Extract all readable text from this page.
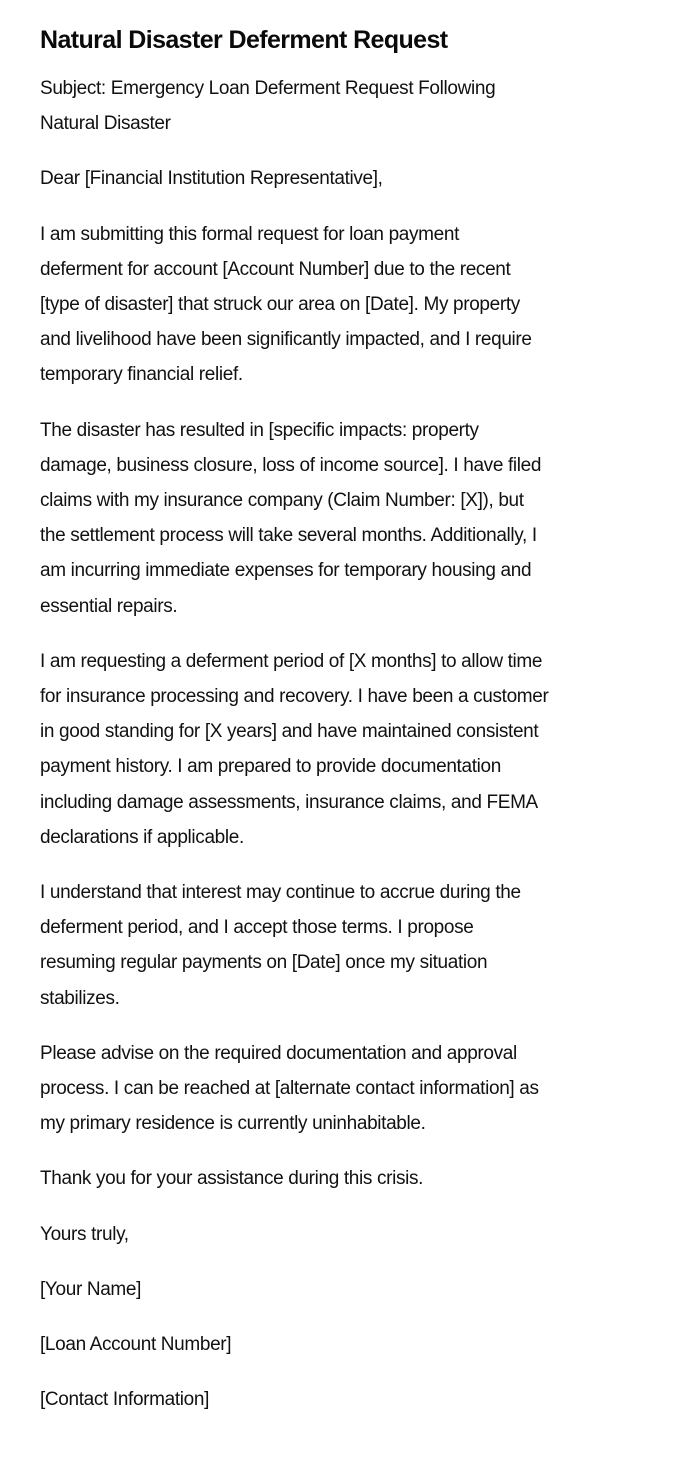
Natural Disaster Deferment Request

Subject: Emergency Loan Deferment Request Following
Natural Disaster

Dear [Financial Institution Representative],

I am submitting this formal request for loan payment
deferment for account [Account Number] due to the recent
[type of disaster] that struck our area on [Date]. My property
and livelihood have been significantly impacted, and I require
temporary financial relief.

The disaster has resulted in [specific impacts: property
damage, business closure, loss of income source]. I have filed
claims with my insurance company (Claim Number: [X]), but
the settlement process will take several months. Additionally, I
am incurring immediate expenses for temporary housing and
essential repairs.

I am requesting a deferment period of [X months] to allow time
for insurance processing and recovery. I have been a customer
in good standing for [X years] and have maintained consistent
payment history. I am prepared to provide documentation
including damage assessments, insurance claims, and FEMA
declarations if applicable.

I understand that interest may continue to accrue during the
deferment period, and I accept those terms. I propose
resuming regular payments on [Date] once my situation
stabilizes.

Please advise on the required documentation and approval
process. I can be reached at [alternate contact information] as
my primary residence is currently uninhabitable.

Thank you for your assistance during this crisis.

Yours truly,

[Your Name]

[Loan Account Number]

[Contact Information]
